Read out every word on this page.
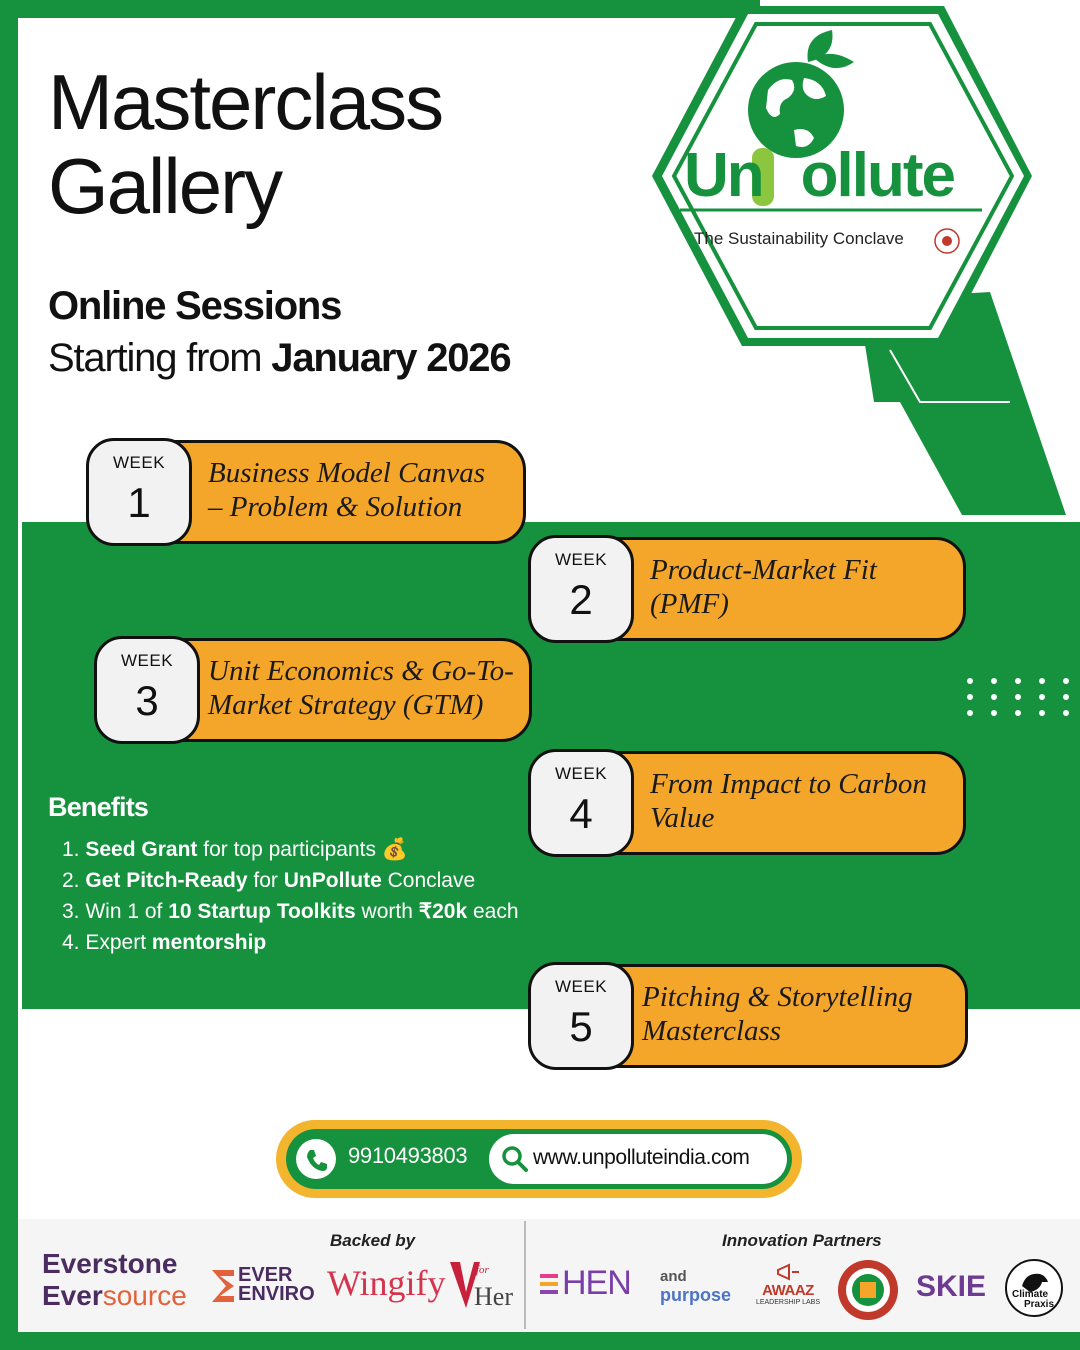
Masterclass
Gallery
Online Sessions
Starting from January 2026
Un ollute
The Sustainability Conclave
WEEK
1
Business Model Canvas
– Problem & Solution
WEEK
2
Product-Market Fit
(PMF)
WEEK
3
Unit Economics & Go-To-
Market Strategy (GTM)
WEEK
4
From Impact to Carbon
Value
WEEK
5
Pitching & Storytelling
Masterclass
Benefits
1. Seed Grant for top participants 💰
2. Get Pitch-Ready for UnPollute Conclave
3. Win 1 of 10 Startup Toolkits worth ₹20k each
4. Expert mentorship
9910493803	www.unpolluteindia.com
Backed by	Innovation Partners
Everstone
Eversource
EVER
ENVIRO Wingify	for
Her HEN and
purpose	AWAAZ
LEADERSHIP LABS	SKIE	Climate
Praxis
